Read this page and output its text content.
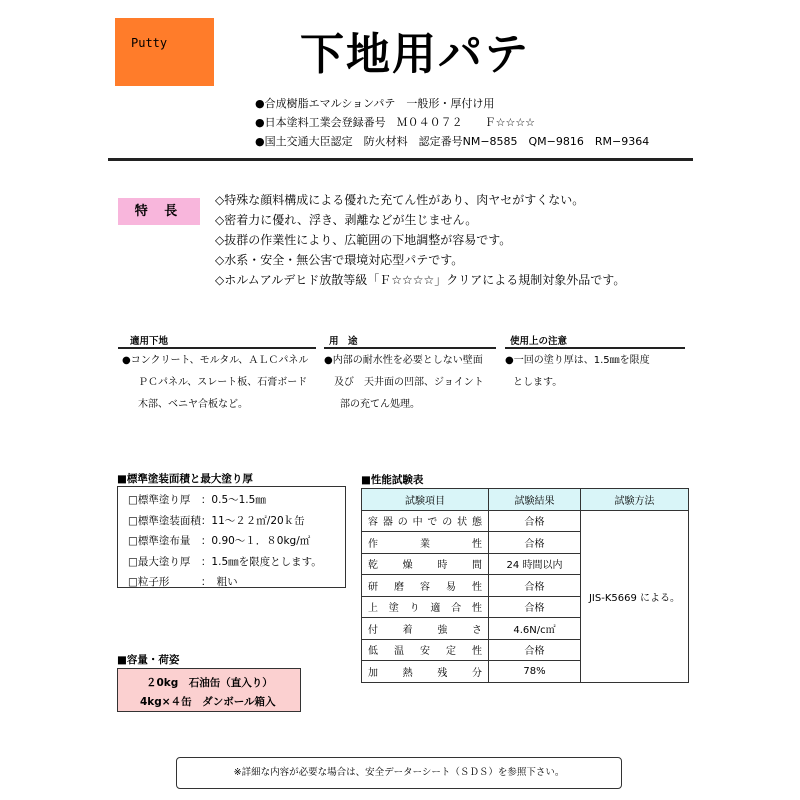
Putty	下地用パテ
●合成樹脂エマルションパテ　一般形・厚付け用
●日本塗料工業会登録番号　Ｍ０４０７２　　Ｆ☆☆☆☆
●国土交通大臣認定　防火材料　認定番号NM−8585　QM−9816　RM−9364
特 長
◇特殊な顔料構成による優れた充てん性があり、肉ヤセがすくない。
◇密着力に優れ、浮き、剥離などが生じません。
◇抜群の作業性により、広範囲の下地調整が容易です。
◇水系・安全・無公害で環境対応型パテです。
◇ホルムアルデヒド放散等級「Ｆ☆☆☆☆」クリアによる規制対象外品です。
適用下地
●コンクリート、モルタル、ＡＬＣパネル
ＰＣパネル、スレート板、石膏ボード
木部、ベニヤ合板など。
用　途
●内部の耐水性を必要としない壁面
及び　天井面の凹部、ジョイント
部の充てん処理。
使用上の注意
●一回の塗り厚は、1.5㎜を限度
とします。
■標準塗装面積と最大塗り厚
□標準塗り厚　：0.5〜1.5㎜
□標準塗装面積：11〜２２㎡/20ｋ缶
□標準塗布量　：0.90〜１．８0kg/㎡
□最大塗り厚　：1.5㎜を限度とします。
□粒子形　　　：　粗い
■性能試験表
試験項目	試験結果	試験方法
容器の中での状態	合格	JIS-K5669 による。
作業性	合格	
乾燥時間	24 時間以内	
研磨容易性	合格	
上塗り適合性	合格	
付着強さ	4.6N/c㎡	
低温安定性	合格	
加熱残分	78%	
■容量・荷姿
２0kg　石油缶（直入り）
4kg×４缶　ダンボール箱入
※詳細な内容が必要な場合は、安全データーシート（ＳＤＳ）を参照下さい。
